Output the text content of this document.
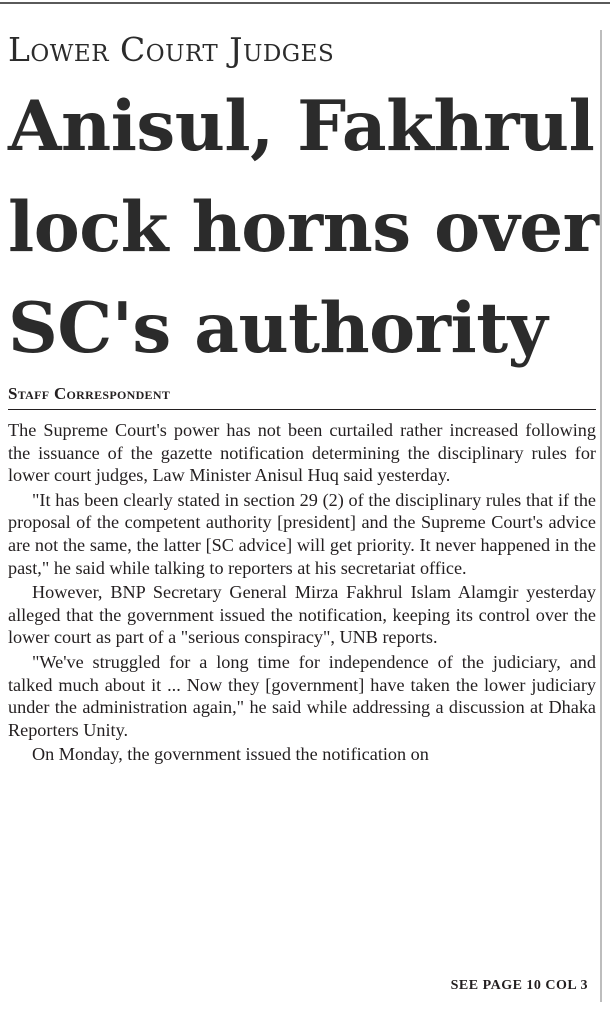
Lower Court Judges
Anisul, Fakhrul
lock horns over
SC's authority
Staff Correspondent

The Supreme Court's power has not been curtailed rather increased following the issuance of the gazette notification determining the disciplinary rules for lower court judges, Law Minister Anisul Huq said yesterday.

"It has been clearly stated in section 29 (2) of the disciplinary rules that if the proposal of the competent authority [president] and the Supreme Court's advice are not the same, the latter [SC advice] will get priority. It never happened in the past," he said while talking to reporters at his secretariat office.

However, BNP Secretary General Mirza Fakhrul Islam Alamgir yesterday alleged that the government issued the notification, keeping its control over the lower court as part of a "serious conspiracy", UNB reports.

"We've struggled for a long time for independence of the judiciary, and talked much about it ... Now they [government] have taken the lower judiciary under the administration again," he said while addressing a discussion at Dhaka Reporters Unity.

On Monday, the government issued the notification on

SEE PAGE 10 COL 3
